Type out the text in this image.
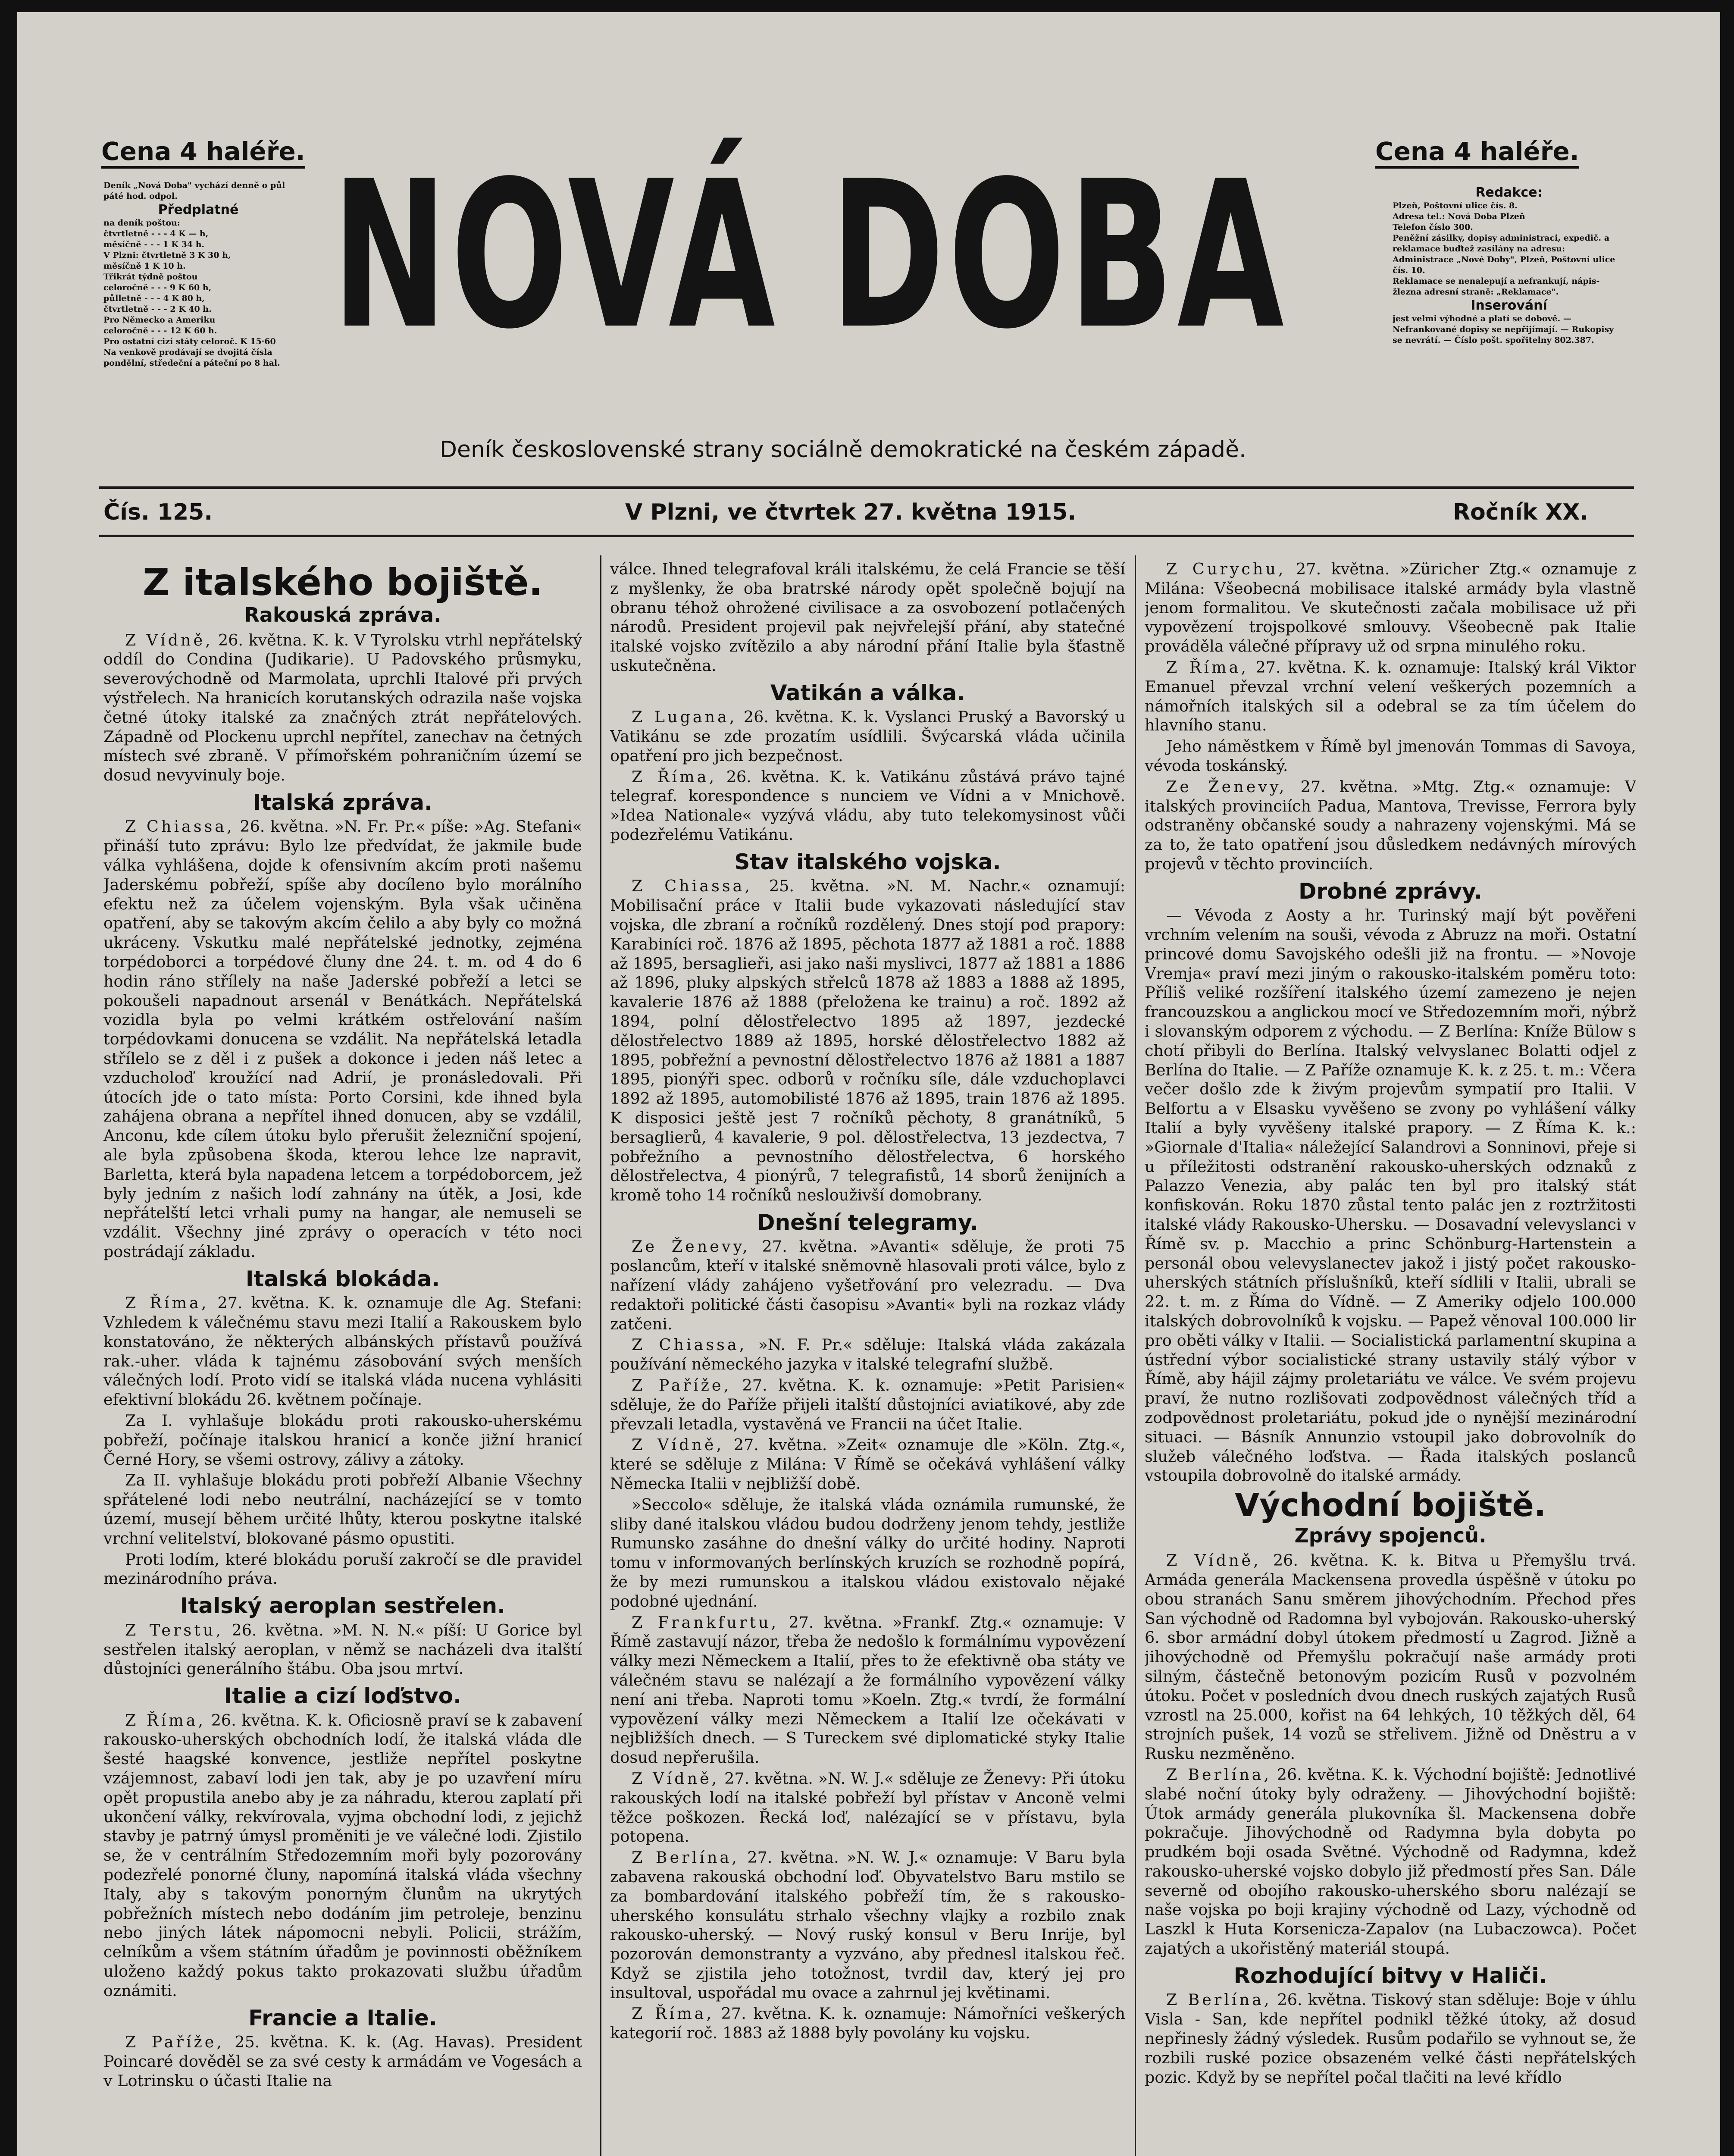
Cena 4 haléře.	Cena 4 haléře.
Deník „Nová Doba" vychází denně o půl páté hod. odpol.
Předplatné
na deník poštou:
čtvrtletně - - - 4 K — h,
měsíčně - - - 1 K 34 h.
V Plzni: čtvrtletně 3 K 30 h,
měsíčně 1 K 10 h.
Třikrát týdně poštou
celoročně - - - 9 K 60 h,
půlletně - - - 4 K 80 h,
čtvrtletně - - - 2 K 40 h.
Pro Německo a Ameriku
celoročně - - - 12 K 60 h.
Pro ostatní cizí státy celoroč. K 15·60
Na venkově prodávají se dvojitá čísla pondělní, středeční a páteční po 8 hal. NOVÁ DOBA
Deník československé strany sociálně demokratické na českém západě.
Redakce:
Plzeň, Poštovní ulice čís. 8.
Adresa tel.: Nová Doba Plzeň
Telefon číslo 300.
Peněžní zásilky, dopisy administraci, expedič. a reklamace buďtež zasílány na adresu: Administrace „Nové Doby", Plzeň, Poštovní ulice čís. 10.
Reklamace se nenalepují a nefrankují, nápis-žlezna adresní straně: „Reklamace".
Inserování
jest velmi výhodné a platí se dobově. — Nefrankované dopisy se nepřijímají. — Rukopisy se nevrátí. — Číslo pošt. spořitelny 802.387.
Čís. 125.	V Plzni, ve čtvrtek 27. května 1915.	Ročník XX.
Z italského bojiště.
Rakouská zpráva.

Z Vídně, 26. května. K. k. V Tyrolsku vtrhl nepřátelský oddíl do Condina (Judikarie). U Padovského průsmyku, severovýchodně od Marmolata, uprchli Italové při prvých výstřelech. Na hranicích korutanských odrazila naše vojska četné útoky italské za značných ztrát nepřátelových. Západně od Plockenu uprchl nepřítel, zanechav na četných místech své zbraně. V přímořském pohraničním území se dosud nevyvinuly boje.

Italská zpráva.

Z Chiassa, 26. května. »N. Fr. Pr.« píše: »Ag. Stefani« přináší tuto zprávu: Bylo lze předvídat, že jakmile bude válka vyhlášena, dojde k ofensivním akcím proti našemu Jaderskému pobřeží, spíše aby docíleno bylo morálního efektu než za účelem vojenským. Byla však učiněna opatření, aby se takovým akcím čelilo a aby byly co možná ukráceny. Vskutku malé nepřátelské jednotky, zejména torpédoborci a torpédové čluny dne 24. t. m. od 4 do 6 hodin ráno střílely na naše Jaderské pobřeží a letci se pokoušeli napadnout arsenál v Benátkách. Nepřátelská vozidla byla po velmi krátkém ostřelování naším torpédovkami donucena se vzdálit. Na nepřátelská letadla střílelo se z děl i z pušek a dokonce i jeden náš letec a vzducholoď kroužící nad Adrií, je pronásledovali. Při útocích jde o tato místa: Porto Corsini, kde ihned byla zahájena obrana a nepřítel ihned donucen, aby se vzdálil, Anconu, kde cílem útoku bylo přerušit železniční spojení, ale byla způsobena škoda, kterou lehce lze napravit, Barletta, která byla napadena letcem a torpédoborcem, jež byly jedním z našich lodí zahnány na útěk, a Josi, kde nepřátelští letci vrhali pumy na hangar, ale nemuseli se vzdálit. Všechny jiné zprávy o operacích v této noci postrádají základu.

Italská blokáda.

Z Říma, 27. května. K. k. oznamuje dle Ag. Stefani: Vzhledem k válečnému stavu mezi Italií a Rakouskem bylo konstatováno, že některých albánských přístavů používá rak.-uher. vláda k tajnému zásobování svých menších válečných lodí. Proto vidí se italská vláda nucena vyhlásiti efektivní blokádu 26. květnem počínaje.

Za I. vyhlašuje blokádu proti rakousko-uherskému pobřeží, počínaje italskou hranicí a konče jižní hranicí Černé Hory, se všemi ostrovy, zálivy a zátoky.

Za II. vyhlašuje blokádu proti pobřeží Albanie Všechny spřátelené lodi nebo neutrální, nacházející se v tomto území, musejí během určité lhůty, kterou poskytne italské vrchní velitelství, blokované pásmo opustiti.

Proti lodím, které blokádu poruší zakročí se dle pravidel mezinárodního práva.

Italský aeroplan sestřelen.

Z Terstu, 26. května. »M. N. N.« píší: U Gorice byl sestřelen italský aeroplan, v němž se nacházeli dva italští důstojníci generálního štábu. Oba jsou mrtví.

Italie a cizí loďstvo.

Z Říma, 26. května. K. k. Oficiosně praví se k zabavení rakousko-uherských obchodních lodí, že italská vláda dle šesté haagské konvence, jestliže nepřítel poskytne vzájemnost, zabaví lodi jen tak, aby je po uzavření míru opět propustila anebo aby je za náhradu, kterou zaplatí při ukončení války, rekvírovala, vyjma obchodní lodi, z jejichž stavby je patrný úmysl proměniti je ve válečné lodi. Zjistilo se, že v centrálním Středozemním moři byly pozorovány podezřelé ponorné čluny, napomíná italská vláda všechny Italy, aby s takovým ponorným člunům na ukrytých pobřežních místech nebo dodáním jim petroleje, benzinu nebo jiných látek nápomocni nebyli. Policii, strážím, celníkům a všem státním úřadům je povinnosti oběžníkem uloženo každý pokus takto prokazovati službu úřadům oznámiti.

Francie a Italie.

Z Paříže, 25. května. K. k. (Ag. Havas). President Poincaré dověděl se za své cesty k armádám ve Vogesách a v Lotrinsku o účasti Italie na

válce. Ihned telegrafoval králi italskému, že celá Francie se těší z myšlenky, že oba bratrské národy opět společně bojují na obranu téhož ohrožené civilisace a za osvobození potlačených národů. President projevil pak nejvřelejší přání, aby statečné italské vojsko zvítězilo a aby národní přání Italie byla šťastně uskutečněna.

Vatikán a válka.

Z Lugana, 26. května. K. k. Vyslanci Pruský a Bavorský u Vatikánu se zde prozatím usídlili. Švýcarská vláda učinila opatření pro jich bezpečnost.

Z Říma, 26. května. K. k. Vatikánu zůstává právo tajné telegraf. korespondence s nunciem ve Vídni a v Mnichově. »Idea Nationale« vyzývá vládu, aby tuto telekomysinost vůči podezřelému Vatikánu.

Stav italského vojska.

Z Chiassa, 25. května. »N. M. Nachr.« oznamují: Mobilisační práce v Italii bude vykazovati následující stav vojska, dle zbraní a ročníků rozdělený. Dnes stojí pod prapory: Karabiníci roč. 1876 až 1895, pěchota 1877 až 1881 a roč. 1888 až 1895, bersaglieři, asi jako naši myslivci, 1877 až 1881 a 1886 až 1896, pluky alpských střelců 1878 až 1883 a 1888 až 1895, kavalerie 1876 až 1888 (přeložena ke trainu) a roč. 1892 až 1894, polní dělostřelectvo 1895 až 1897, jezdecké dělostřelectvo 1889 až 1895, horské dělostřelectvo 1882 až 1895, pobřežní a pevnostní dělostřelectvo 1876 až 1881 a 1887 1895, pionýři spec. odborů v ročníku síle, dále vzduchoplavci 1892 až 1895, automobilisté 1876 až 1895, train 1876 až 1895. K disposici ještě jest 7 ročníků pěchoty, 8 granátníků, 5 bersaglierů, 4 kavalerie, 9 pol. dělostřelectva, 13 jezdectva, 7 pobřežního a pevnostního dělostřelectva, 6 horského dělostřelectva, 4 pionýrů, 7 telegrafistů, 14 sborů ženijních a kromě toho 14 ročníků neslouživší domobrany.

Dnešní telegramy.

Ze Ženevy, 27. května. »Avanti« sděluje, že proti 75 poslancům, kteří v italské sněmovně hlasovali proti válce, bylo z nařízení vlády zahájeno vyšetřování pro velezradu. — Dva redaktoři politické části časopisu »Avanti« byli na rozkaz vlády zatčeni.

Z Chiassa, »N. F. Pr.« sděluje: Italská vláda zakázala používání německého jazyka v italské telegrafní službě.

Z Paříže, 27. května. K. k. oznamuje: »Petit Parisien« sděluje, že do Paříže přijeli italští důstojníci aviatikové, aby zde převzali letadla, vystavěná ve Francii na účet Italie.

Z Vídně, 27. května. »Zeit« oznamuje dle »Köln. Ztg.«, které se sděluje z Milána: V Římě se očekává vyhlášení války Německa Italii v nejbližší době.

»Seccolo« sděluje, že italská vláda oznámila rumunské, že sliby dané italskou vládou budou dodrženy jenom tehdy, jestliže Rumunsko zasáhne do dnešní války do určité hodiny. Naproti tomu v informovaných berlínských kruzích se rozhodně popírá, že by mezi rumunskou a italskou vládou existovalo nějaké podobné ujednání.

Z Frankfurtu, 27. května. »Frankf. Ztg.« oznamuje: V Římě zastavují názor, třeba že nedošlo k formálnímu vypovězení války mezi Německem a Italií, přes to že efektivně oba státy ve válečném stavu se nalézají a že formálního vypovězení války není ani třeba. Naproti tomu »Koeln. Ztg.« tvrdí, že formální vypovězení války mezi Německem a Italií lze očekávati v nejbližších dnech. — S Tureckem své diplomatické styky Italie dosud nepřerušila.

Z Vídně, 27. května. »N. W. J.« sděluje ze Ženevy: Při útoku rakouských lodí na italské pobřeží byl přístav v Anconě velmi těžce poškozen. Řecká loď, nalézající se v přístavu, byla potopena.

Z Berlína, 27. května. »N. W. J.« oznamuje: V Baru byla zabavena rakouská obchodní loď. Obyvatelstvo Baru mstilo se za bombardování italského pobřeží tím, že s rakousko-uherského konsulátu strhalo všechny vlajky a rozbilo znak rakousko-uherský. — Nový ruský konsul v Beru Inrije, byl pozorován demonstranty a vyzváno, aby přednesl italskou řeč. Když se zjistila jeho totožnost, tvrdil dav, který jej pro insultoval, uspořádal mu ovace a zahrnul jej květinami.

Z Říma, 27. května. K. k. oznamuje: Námořníci veškerých kategorií roč. 1883 až 1888 byly povolány ku vojsku.

Z Curychu, 27. května. »Züricher Ztg.« oznamuje z Milána: Všeobecná mobilisace italské armády byla vlastně jenom formalitou. Ve skutečnosti začala mobilisace už při vypovězení trojspolkové smlouvy. Všeobecně pak Italie prováděla válečné přípravy už od srpna minulého roku.

Z Říma, 27. května. K. k. oznamuje: Italský král Viktor Emanuel převzal vrchní velení veškerých pozemních a námořních italských sil a odebral se za tím účelem do hlavního stanu.

Jeho náměstkem v Římě byl jmenován Tommas di Savoya, vévoda toskánský.

Ze Ženevy, 27. května. »Mtg. Ztg.« oznamuje: V italských provinciích Padua, Mantova, Trevisse, Ferrora byly odstraněny občanské soudy a nahrazeny vojenskými. Má se za to, že tato opatření jsou důsledkem nedávných mírových projevů v těchto provinciích.

Drobné zprávy.

— Vévoda z Aosty a hr. Turinský mají být pověřeni vrchním velením na souši, vévoda z Abruzz na moři. Ostatní princové domu Savojského odešli již na frontu. — »Novoje Vremja« praví mezi jiným o rakousko-italském poměru toto: Příliš veliké rozšíření italského území zamezeno je nejen francouzskou a anglickou mocí ve Středozemním moři, nýbrž i slovanským odporem z východu. — Z Berlína: Kníže Bülow s chotí přibyli do Berlína. Italský velvyslanec Bolatti odjel z Berlína do Italie. — Z Paříže oznamuje K. k. z 25. t. m.: Včera večer došlo zde k živým projevům sympatií pro Italii. V Belfortu a v Elsasku vyvěšeno se zvony po vyhlášení války Italií a byly vyvěšeny italské prapory. — Z Říma K. k.: »Giornale d'Italia« náležející Salandrovi a Sonninovi, přeje si u příležitosti odstranění rakousko-uherských odznaků z Palazzo Venezia, aby palác ten byl pro italský stát konfiskován. Roku 1870 zůstal tento palác jen z roztržitosti italské vlády Rakousko-Uhersku. — Dosavadní velevyslanci v Římě sv. p. Macchio a princ Schönburg-Hartenstein a personál obou velevyslanectev jakož i jistý počet rakousko-uherských státních příslušníků, kteří sídlili v Italii, ubrali se 22. t. m. z Říma do Vídně. — Z Ameriky odjelo 100.000 italských dobrovolníků k vojsku. — Papež věnoval 100.000 lir pro oběti války v Italii. — Socialistická parlamentní skupina a ústřední výbor socialistické strany ustavily stálý výbor v Římě, aby hájil zájmy proletariátu ve válce. Ve svém projevu praví, že nutno rozlišovati zodpovědnost válečných tříd a zodpovědnost proletariátu, pokud jde o nynější mezinárodní situaci. — Básník Annunzio vstoupil jako dobrovolník do služeb válečného loďstva. — Řada italských poslanců vstoupila dobrovolně do italské armády.

Východní bojiště.
Zprávy spojenců.

Z Vídně, 26. května. K. k. Bitva u Přemyšlu trvá. Armáda generála Mackensena provedla úspěšně v útoku po obou stranách Sanu směrem jihovýchodním. Přechod přes San východně od Radomna byl vybojován. Rakousko-uherský 6. sbor armádní dobyl útokem předmostí u Zagrod. Jižně a jihovýchodně od Přemyšlu pokračují naše armády proti silným, částečně betonovým pozicím Rusů v pozvolném útoku. Počet v posledních dvou dnech ruských zajatých Rusů vzrostl na 25.000, kořist na 64 lehkých, 10 těžkých děl, 64 strojních pušek, 14 vozů se střelivem. Jižně od Dněstru a v Rusku nezměněno.

Z Berlína, 26. května. K. k. Východní bojiště: Jednotlivé slabé noční útoky byly odraženy. — Jihovýchodní bojiště: Útok armády generála plukovníka šl. Mackensena dobře pokračuje. Jihovýchodně od Radymna byla dobyta po prudkém boji osada Světné. Východně od Radymna, kdež rakousko-uherské vojsko dobylo již předmostí přes San. Dále severně od obojího rakousko-uherského sboru nalézají se naše vojska po boji krajiny východně od Lazy, východně od Laszkl k Huta Korsenicza-Zapalov (na Lubaczowca). Počet zajatých a ukořistěný materiál stoupá.

Rozhodující bitvy v Haliči.

Z Berlína, 26. května. Tiskový stan sděluje: Boje v úhlu Visla - San, kde nepřítel podnikl těžké útoky, až dosud nepřinesly žádný výsledek. Rusům podařilo se vyhnout se, že rozbili ruské pozice obsazeném velké části nepřátelských pozic. Když by se nepřítel počal tlačiti na levé křídlo
